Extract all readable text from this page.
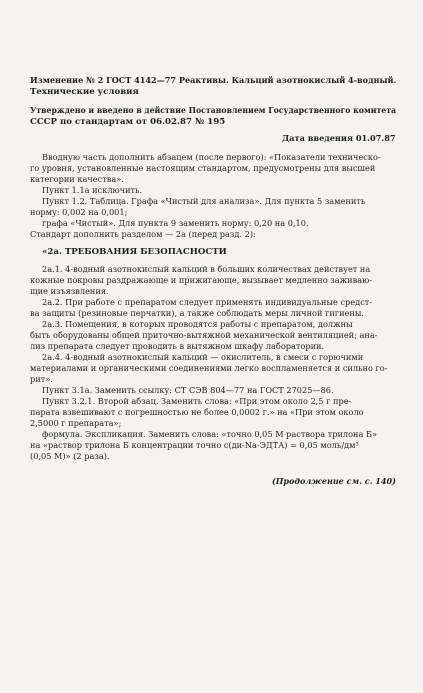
Изменение № 2 ГОСТ 4142—77 Реактивы. Кальций азотнокислый 4-водный.

Технические условия

Утверждено и введено в действие Постановлением Государственного комитета

СССР по стандартам от 06.02.87 № 195

Дата введения 01.07.87

Вводную часть дополнить абзацем (после первого): «Показатели техническо-

го уровня, установленные настоящим стандартом, предусмотрены для высшей

категории качества».

Пункт 1.1а исключить.

Пункт 1.2. Таблица. Графа «Чистый для анализа». Для пункта 5 заменить

норму: 0,002 на 0,001;

графа «Чистый». Для пункта 9 заменить норму: 0,20 на 0,10.

Стандарт дополнить разделом — 2а (перед разд. 2):

«2а. ТРЕБОВАНИЯ БЕЗОПАСНОСТИ

2а.1. 4-водный азотнокислый кальций в больших количествах действует на

кожные покровы раздражающе и прижигающе, вызывает медленно заживаю-

щие изъязвления.

2а.2. При работе с препаратом следует применять индивидуальные средст-

ва защиты (резиновые перчатки), а также соблюдать меры личной гигиены.

2а.3. Помещения, в которых проводятся работы с препаратом, должны

быть оборудованы общей приточно-вытяжной механической вентиляцией; ана-

лиз препарата следует проводить в вытяжном шкафу лаборатории.

2а.4. 4-водный азотнокислый кальций — окислитель, в смеси с горючими

материалами и органическими соединениями легко воспламеняется и сильно го-

рит».

Пункт 3.1а. Заменить ссылку: СТ СЭВ 804—77 на ГОСТ 27025—86.

Пункт 3.2.1. Второй абзац. Заменить слова: «При этом около 2,5 г пре-

парата взвешивают с погрешностью не более 0,0002 г.» на «При этом около

2,5000 г препарата»;

формула. Экспликация. Заменить слова: «точно 0,05 М раствора трилона Б»

на «раствор трилона Б концентрации точно c(ди-Na-ЭДТА) = 0,05 моль/дм³

(0,05 М)» (2 раза).

(Продолжение см. с. 140)
